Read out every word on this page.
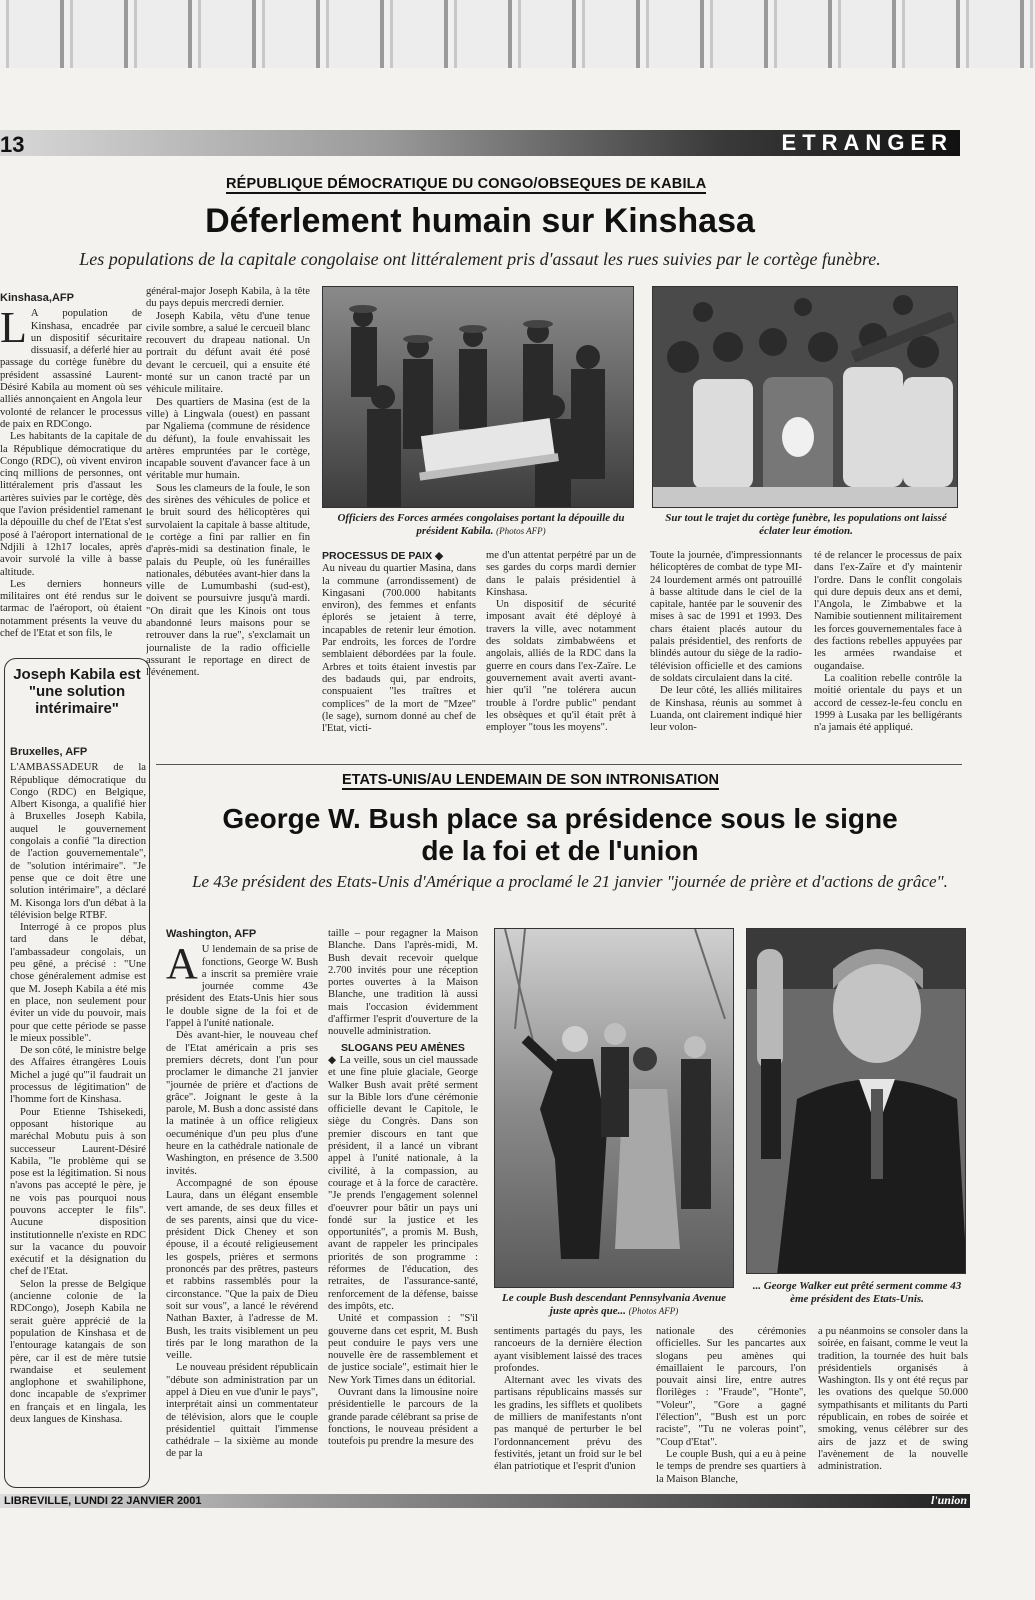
13	ETRANGER
RÉPUBLIQUE DÉMOCRATIQUE DU CONGO/OBSEQUES DE KABILA
Déferlement humain sur Kinshasa
Les populations de la capitale congolaise ont littéralement pris d'assaut les rues suivies par le cortège funèbre.
Kinshasa,AFP
L A population de Kinshasa, encadrée par un dispositif sécuritaire dissuasif, a déferlé hier au passage du cortège funèbre du président assassiné Laurent-Désiré Kabila au moment où ses alliés annonçaient en Angola leur volonté de relancer le processus de paix en RDCongo.

Les habitants de la capitale de la République démocratique du Congo (RDC), où vivent environ cinq millions de personnes, ont littéralement pris d'assaut les artères suivies par le cortège, dès que l'avion présidentiel ramenant la dépouille du chef de l'Etat s'est posé à l'aéroport international de Ndjili à 12h17 locales, après avoir survolé la ville à basse altitude.

Les derniers honneurs militaires ont été rendus sur le tarmac de l'aéroport, où étaient notamment présents la veuve du chef de l'Etat et son fils, le

général-major Joseph Kabila, à la tête du pays depuis mercredi dernier.

Joseph Kabila, vêtu d'une tenue civile sombre, a salué le cercueil blanc recouvert du drapeau national. Un portrait du défunt avait été posé devant le cercueil, qui a ensuite été monté sur un canon tracté par un véhicule militaire.

Des quartiers de Masina (est de la ville) à Lingwala (ouest) en passant par Ngaliema (commune de résidence du défunt), la foule envahissait les artères empruntées par le cortège, incapable souvent d'avancer face à un véritable mur humain.

Sous les clameurs de la foule, le son des sirènes des véhicules de police et le bruit sourd des hélicoptères qui survolaient la capitale à basse altitude, le cortège a fini par rallier en fin d'après-midi sa destination finale, le palais du Peuple, où les funérailles nationales, débutées avant-hier dans la ville de Lumumbashi (sud-est), doivent se poursuivre jusqu'à mardi. "On dirait que les Kinois ont tous abandonné leurs maisons pour se retrouver dans la rue", s'exclamait un journaliste de la radio officielle assurant le reportage en direct de l'événement.

Officiers des Forces armées congolaises portant la dépouille du président Kabila. (Photos AFP)
Sur tout le trajet du cortège funèbre, les populations ont laissé éclater leur émotion.
PROCESSUS DE PAIX ◆

Au niveau du quartier Masina, dans la commune (arrondissement) de Kingasani (700.000 habitants environ), des femmes et enfants éplorés se jetaient à terre, incapables de retenir leur émotion. Par endroits, les forces de l'ordre semblaient débordées par la foule. Arbres et toits étaient investis par des badauds qui, par endroits, conspuaient "les traîtres et complices" de la mort de "Mzee" (le sage), surnom donné au chef de l'Etat, victi-

me d'un attentat perpétré par un de ses gardes du corps mardi dernier dans le palais présidentiel à Kinshasa.

Un dispositif de sécurité imposant avait été déployé à travers la ville, avec notamment des soldats zimbabwéens et angolais, alliés de la RDC dans la guerre en cours dans l'ex-Zaïre. Le gouvernement avait averti avant-hier qu'il "ne tolérera aucun trouble à l'ordre public" pendant les obsèques et qu'il était prêt à employer "tous les moyens".

Toute la journée, d'impressionnants hélicoptères de combat de type MI-24 lourdement armés ont patrouillé à basse altitude dans le ciel de la capitale, hantée par le souvenir des mises à sac de 1991 et 1993. Des chars étaient placés autour du palais présidentiel, des renforts de blindés autour du siège de la radio-télévision officielle et des camions de soldats circulaient dans la cité.

De leur côté, les alliés militaires de Kinshasa, réunis au sommet à Luanda, ont clairement indiqué hier leur volon-

té de relancer le processus de paix dans l'ex-Zaïre et d'y maintenir l'ordre. Dans le conflit congolais qui dure depuis deux ans et demi, l'Angola, le Zimbabwe et la Namibie soutiennent militairement les forces gouvernementales face à des factions rebelles appuyées par les armées rwandaise et ougandaise.

La coalition rebelle contrôle la moitié orientale du pays et un accord de cessez-le-feu conclu en 1999 à Lusaka par les belligérants n'a jamais été appliqué.

Joseph Kabila est "une solution intérimaire"
Bruxelles, AFP

L'AMBASSADEUR de la République démocratique du Congo (RDC) en Belgique, Albert Kisonga, a qualifié hier à Bruxelles Joseph Kabila, auquel le gouvernement congolais a confié "la direction de l'action gouvernementale", de "solution intérimaire". "Je pense que ce doit être une solution intérimaire", a déclaré M. Kisonga lors d'un débat à la télévision belge RTBF.

Interrogé à ce propos plus tard dans le débat, l'ambassadeur congolais, un peu gêné, a précisé : "Une chose généralement admise est que M. Joseph Kabila a été mis en place, non seulement pour éviter un vide du pouvoir, mais pour que cette période se passe le mieux possible".

De son côté, le ministre belge des Affaires étrangères Louis Michel a jugé qu'"il faudrait un processus de légitimation" de l'homme fort de Kinshasa.

Pour Etienne Tshisekedi, opposant historique au maréchal Mobutu puis à son successeur Laurent-Désiré Kabila, "le problème qui se pose est la légitimation. Si nous n'avons pas accepté le père, je ne vois pas pourquoi nous pouvons accepter le fils". Aucune disposition institutionnelle n'existe en RDC sur la vacance du pouvoir exécutif et la désignation du chef de l'Etat.

Selon la presse de Belgique (ancienne colonie de la RDCongo), Joseph Kabila ne serait guère apprécié de la population de Kinshasa et de l'entourage katangais de son père, car il est de mère tutsie rwandaise et seulement anglophone et swahiliphone, donc incapable de s'exprimer en français et en lingala, les deux langues de Kinshasa.

ETATS-UNIS/AU LENDEMAIN DE SON INTRONISATION
George W. Bush place sa présidence sous le signe
de la foi et de l'union
Le 43e président des Etats-Unis d'Amérique a proclamé le 21 janvier "journée de prière et d'actions de grâce".
Washington, AFP
A U lendemain de sa prise de fonctions, George W. Bush a inscrit sa première vraie journée comme 43e président des Etats-Unis hier sous le double signe de la foi et de l'appel à l'unité nationale.

Dès avant-hier, le nouveau chef de l'Etat américain a pris ses premiers décrets, dont l'un pour proclamer le dimanche 21 janvier "journée de prière et d'actions de grâce". Joignant le geste à la parole, M. Bush a donc assisté dans la matinée à un office religieux oecuménique d'un peu plus d'une heure en la cathédrale nationale de Washington, en présence de 3.500 invités.

Accompagné de son épouse Laura, dans un élégant ensemble vert amande, de ses deux filles et de ses parents, ainsi que du vice-président Dick Cheney et son épouse, il a écouté religieusement les gospels, prières et sermons prononcés par des prêtres, pasteurs et rabbins rassemblés pour la circonstance. "Que la paix de Dieu soit sur vous", a lancé le révérend Nathan Baxter, à l'adresse de M. Bush, les traits visiblement un peu tirés par le long marathon de la veille.

Le nouveau président républicain "débute son administration par un appel à Dieu en vue d'unir le pays", interprétait ainsi un commentateur de télévision, alors que le couple présidentiel quittait l'immense cathédrale – la sixième au monde de par la

taille – pour regagner la Maison Blanche. Dans l'après-midi, M. Bush devait recevoir quelque 2.700 invités pour une réception portes ouvertes à la Maison Blanche, une tradition là aussi mais l'occasion évidemment d'affirmer l'esprit d'ouverture de la nouvelle administration.

SLOGANS PEU AMÈNES

◆ La veille, sous un ciel maussade et une fine pluie glaciale, George Walker Bush avait prêté serment sur la Bible lors d'une cérémonie officielle devant le Capitole, le siège du Congrès. Dans son premier discours en tant que président, il a lancé un vibrant appel à l'unité nationale, à la civilité, à la compassion, au courage et à la force de caractère. "Je prends l'engagement solennel d'oeuvrer pour bâtir un pays uni fondé sur la justice et les opportunités", a promis M. Bush, avant de rappeler les principales priorités de son programme : réformes de l'éducation, des retraites, de l'assurance-santé, renforcement de la défense, baisse des impôts, etc.

Unité et compassion : "S'il gouverne dans cet esprit, M. Bush peut conduire le pays vers une nouvelle ère de rassemblement et de justice sociale", estimait hier le New York Times dans un éditorial.

Ouvrant dans la limousine noire présidentielle le parcours de la grande parade célébrant sa prise de fonctions, le nouveau président a toutefois pu prendre la mesure des

Le couple Bush descendant Pennsylvania Avenue juste après que... (Photos AFP)
... George Walker eut prêté serment comme 43 ème président des Etats-Unis.

sentiments partagés du pays, les rancoeurs de la dernière élection ayant visiblement laissé des traces profondes.

Alternant avec les vivats des partisans républicains massés sur les gradins, les sifflets et quolibets de milliers de manifestants n'ont pas manqué de perturber le bel l'ordonnancement prévu des festivités, jetant un froid sur le bel élan patriotique et l'esprit d'union

nationale des cérémonies officielles. Sur les pancartes aux slogans peu amènes qui émaillaient le parcours, l'on pouvait ainsi lire, entre autres florilèges : "Fraude", "Honte", "Voleur", "Gore a gagné l'élection", "Bush est un porc raciste", "Tu ne voleras point", "Coup d'Etat".

Le couple Bush, qui a eu à peine le temps de prendre ses quartiers à la Maison Blanche,

a pu néanmoins se consoler dans la soirée, en faisant, comme le veut la tradition, la tournée des huit bals présidentiels organisés à Washington. Ils y ont été reçus par les ovations des quelque 50.000 sympathisants et militants du Parti républicain, en robes de soirée et smoking, venus célébrer sur des airs de jazz et de swing l'avènement de la nouvelle administration.

LIBREVILLE, LUNDI 22 JANVIER 2001	l'union
